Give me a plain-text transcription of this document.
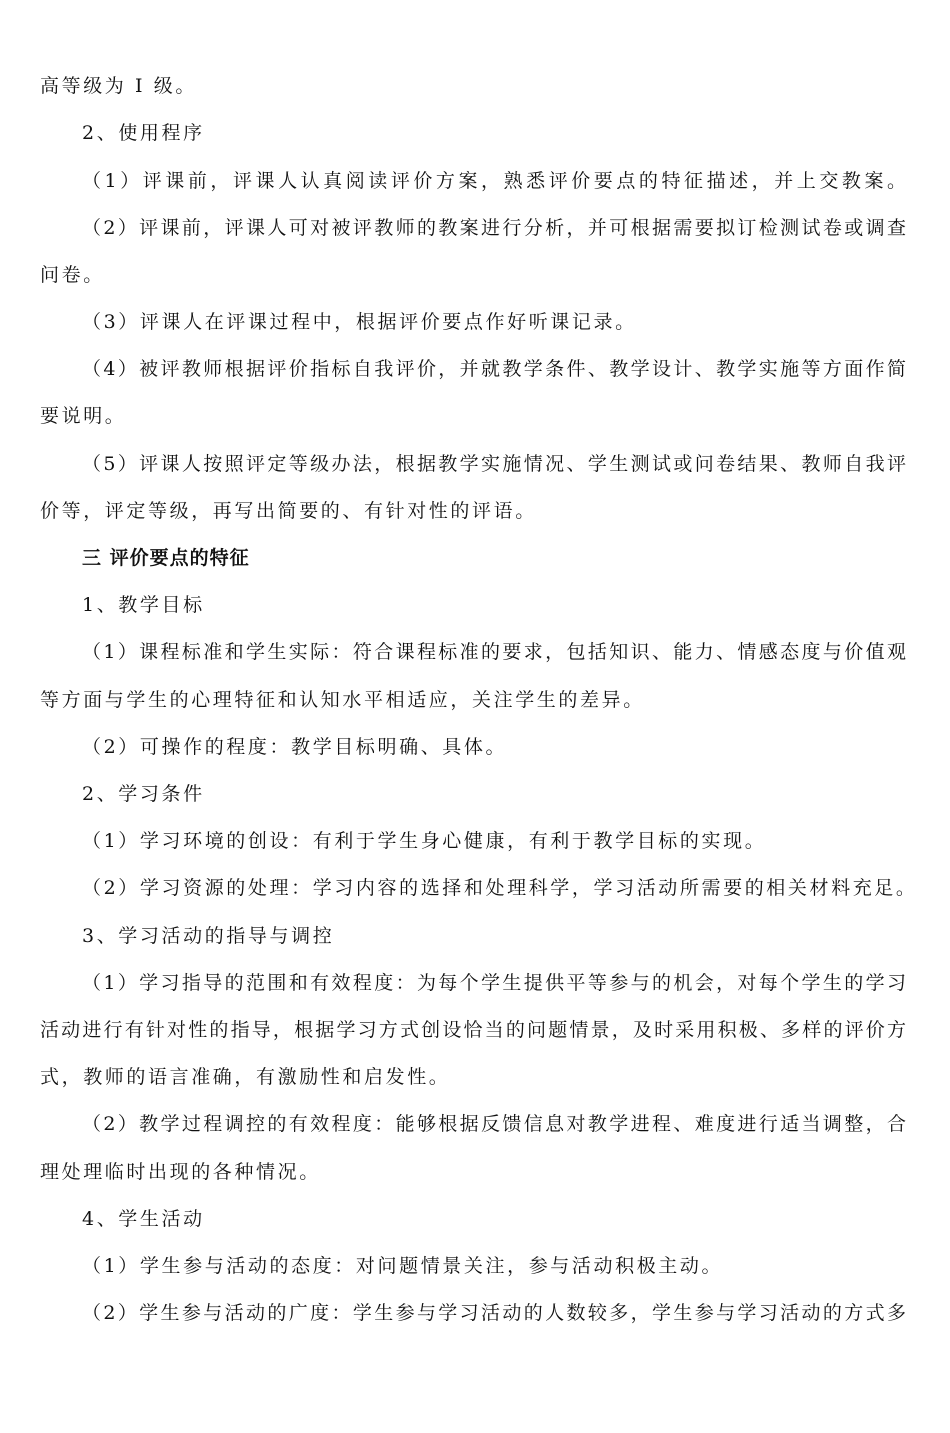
高等级为 I 级。
2、使用程序
（1）评课前，评课人认真阅读评价方案，熟悉评价要点的特征描述，并上交教案。
（2）评课前，评课人可对被评教师的教案进行分析，并可根据需要拟订检测试卷或调查
问卷。
（3）评课人在评课过程中，根据评价要点作好听课记录。
（4）被评教师根据评价指标自我评价，并就教学条件、教学设计、教学实施等方面作简
要说明。
（5）评课人按照评定等级办法，根据教学实施情况、学生测试或问卷结果、教师自我评
价等，评定等级，再写出简要的、有针对性的评语。
三 评价要点的特征
1、教学目标
（1）课程标准和学生实际：符合课程标准的要求，包括知识、能力、情感态度与价值观
等方面与学生的心理特征和认知水平相适应，关注学生的差异。
（2）可操作的程度：教学目标明确、具体。
2、学习条件
（1）学习环境的创设：有利于学生身心健康，有利于教学目标的实现。
（2）学习资源的处理：学习内容的选择和处理科学，学习活动所需要的相关材料充足。
3、学习活动的指导与调控
（1）学习指导的范围和有效程度：为每个学生提供平等参与的机会，对每个学生的学习
活动进行有针对性的指导，根据学习方式创设恰当的问题情景，及时采用积极、多样的评价方
式，教师的语言准确，有激励性和启发性。
（2）教学过程调控的有效程度：能够根据反馈信息对教学进程、难度进行适当调整，合
理处理临时出现的各种情况。
4、学生活动
（1）学生参与活动的态度：对问题情景关注，参与活动积极主动。
（2）学生参与活动的广度：学生参与学习活动的人数较多，学生参与学习活动的方式多
